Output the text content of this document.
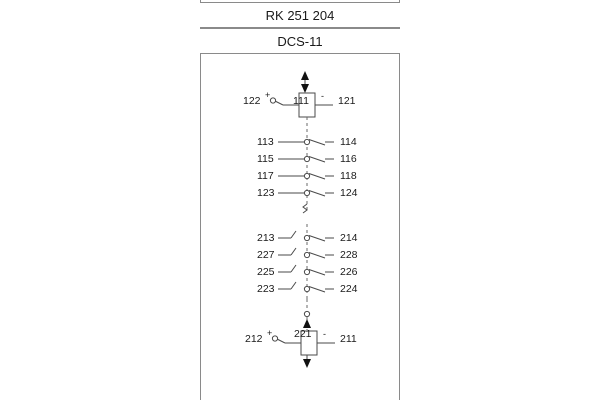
RK 251 204
DCS-11
122 +	- 121
111
113	114
115	116
117	118
123	124
213	214
227	228
225	226
223	224
212 +	- 211
221
